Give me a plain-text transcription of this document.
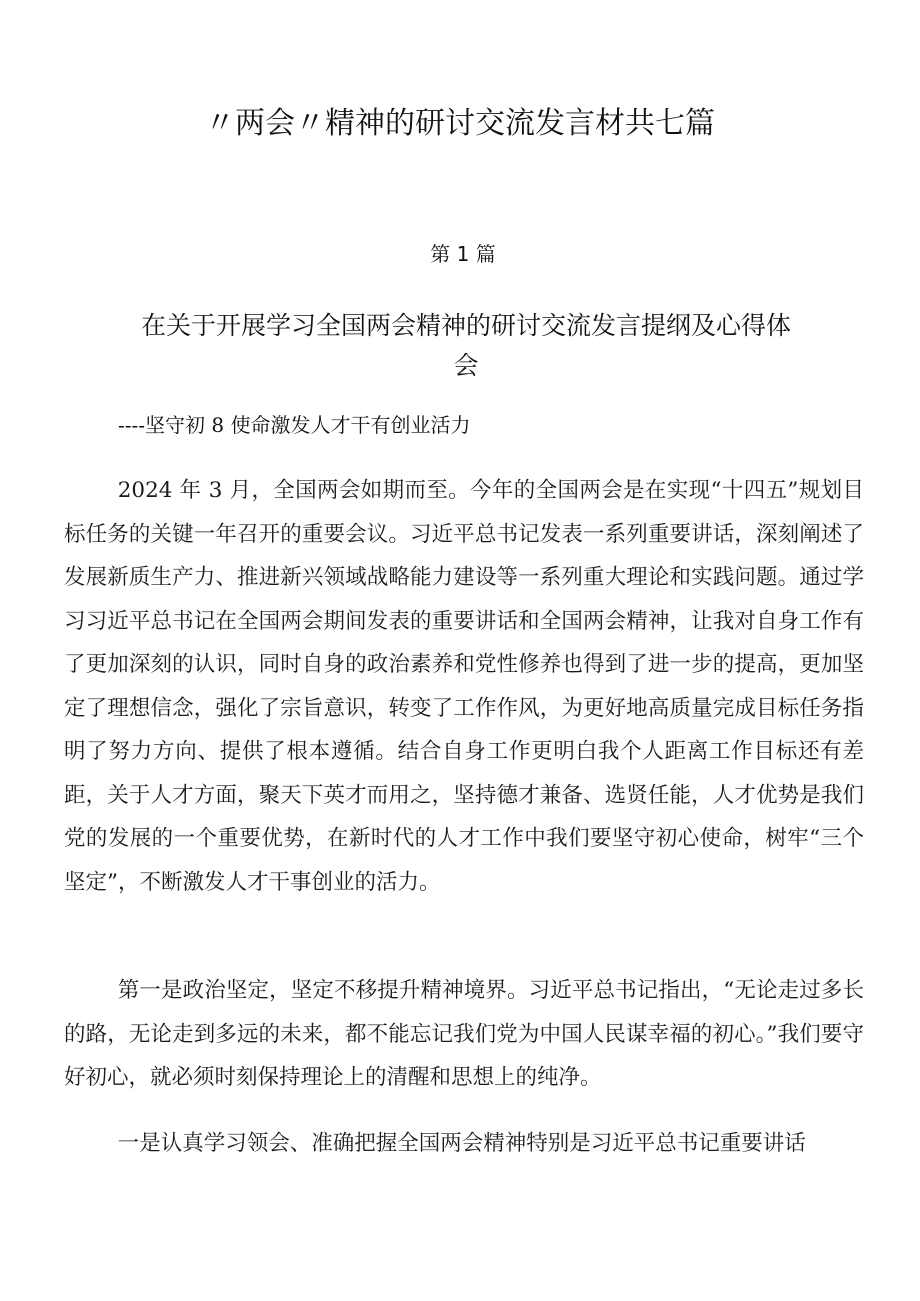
〃两会〃精神的研讨交流发言材共七篇
第 1 篇
在关于开展学习全国两会精神的研讨交流发言提纲及心得体会
----坚守初 8 使命激发人才干有创业活力

2024 年 3 月，全国两会如期而至。今年的全国两会是在实现“十四五”规划目标任务的关键一年召开的重要会议。习近平总书记发表一系列重要讲话，深刻阐述了发展新质生产力、推进新兴领域战略能力建设等一系列重大理论和实践问题。通过学习习近平总书记在全国两会期间发表的重要讲话和全国两会精神，让我对自身工作有了更加深刻的认识，同时自身的政治素养和党性修养也得到了进一步的提高，更加坚定了理想信念，强化了宗旨意识，转变了工作作风，为更好地高质量完成目标任务指明了努力方向、提供了根本遵循。结合自身工作更明白我个人距离工作目标还有差距，关于人才方面，聚天下英才而用之，坚持德才兼备、选贤任能，人才优势是我们党的发展的一个重要优势，在新时代的人才工作中我们要坚守初心使命，树牢“三个坚定”，不断激发人才干事创业的活力。

第一是政治坚定，坚定不移提升精神境界。习近平总书记指出，“无论走过多长的路，无论走到多远的未来，都不能忘记我们党为中国人民谋幸福的初心。”我们要守好初心，就必须时刻保持理论上的清醒和思想上的纯净。

一是认真学习领会、准确把握全国两会精神特别是习近平总书记重要讲话
